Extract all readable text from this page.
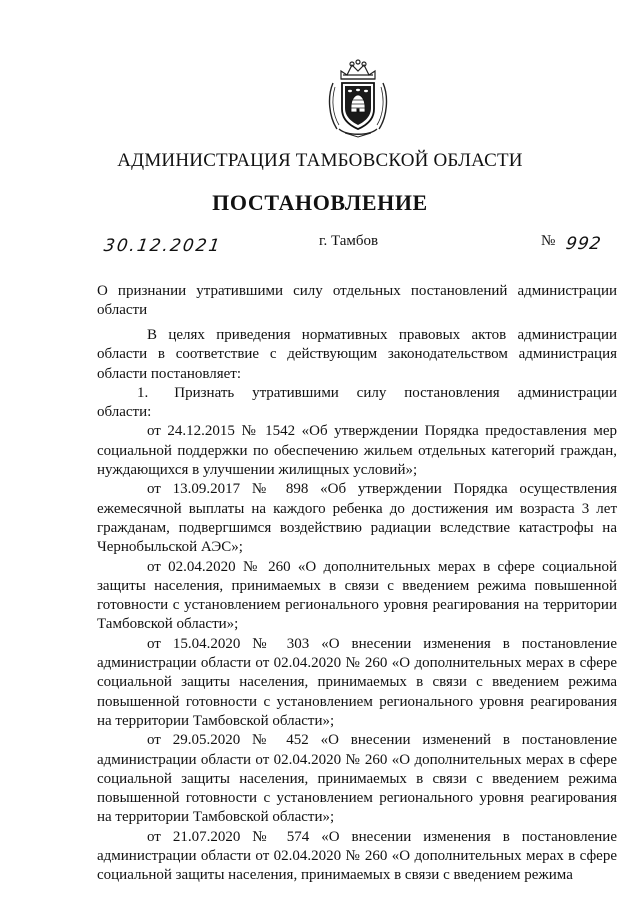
АДМИНИСТРАЦИЯ ТАМБОВСКОЙ ОБЛАСТИ
ПОСТАНОВЛЕНИЕ
30.12.2021	г. Тамбов	№ 992
О признании утратившими силу отдельных постановлений администрации области

В целях приведения нормативных правовых актов администрации области в соответствие с действующим законодательством администрация области постановляет:

1. Признать утратившими силу постановления администрации области:

от 24.12.2015 № 1542 «Об утверждении Порядка предоставления мер социальной поддержки по обеспечению жильем отдельных категорий граждан, нуждающихся в улучшении жилищных условий»;

от 13.09.2017 № 898 «Об утверждении Порядка осуществления ежемесячной выплаты на каждого ребенка до достижения им возраста 3 лет гражданам, подвергшимся воздействию радиации вследствие катастрофы на Чернобыльской АЭС»;

от 02.04.2020 № 260 «О дополнительных мерах в сфере социальной защиты населения, принимаемых в связи с введением режима повышенной готовности с установлением регионального уровня реагирования на территории Тамбовской области»;

от 15.04.2020 № 303 «О внесении изменения в постановление администрации области от 02.04.2020 № 260 «О дополнительных мерах в сфере социальной защиты населения, принимаемых в связи с введением режима повышенной готовности с установлением регионального уровня реагирования на территории Тамбовской области»;

от 29.05.2020 № 452 «О внесении изменений в постановление администрации области от 02.04.2020 № 260 «О дополнительных мерах в сфере социальной защиты населения, принимаемых в связи с введением режима повышенной готовности с установлением регионального уровня реагирования на территории Тамбовской области»;

от 21.07.2020 № 574 «О внесении изменения в постановление администрации области от 02.04.2020 № 260 «О дополнительных мерах в сфере социальной защиты населения, принимаемых в связи с введением режима
